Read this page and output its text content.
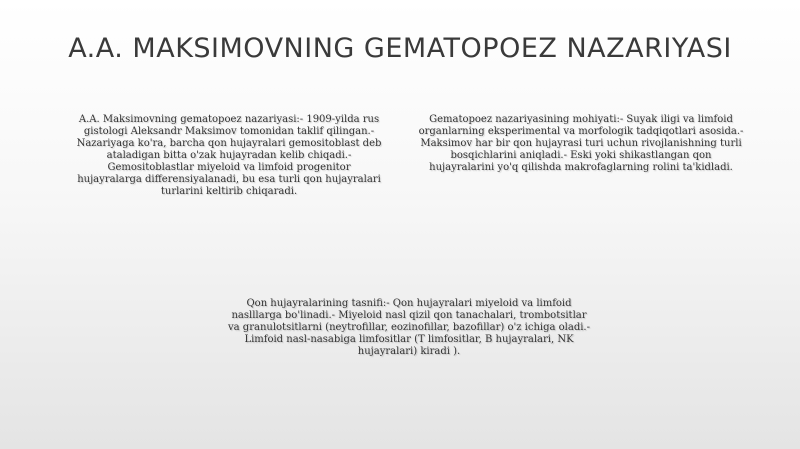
A.A. MAKSIMOVNING GEMATOPOEZ NAZARIYASI
A.A. Maksimovning gematopoez nazariyasi:- 1909-yilda rus gistologi Aleksandr Maksimov tomonidan taklif qilingan.- Nazariyaga ko'ra, barcha qon hujayralari gemositoblast deb ataladigan bitta o'zak hujayradan kelib chiqadi.- Gemositoblastlar miyeloid va limfoid progenitor hujayralarga differensiyalanadi, bu esa turli qon hujayralari turlarini keltirib chiqaradi.
Gematopoez nazariyasining mohiyati:- Suyak iligi va limfoid organlarning eksperimental va morfologik tadqiqotlari asosida.- Maksimov har bir qon hujayrasi turi uchun rivojlanishning turli bosqichlarini aniqladi.- Eski yoki shikastlangan qon hujayralarini yo'q qilishda makrofaglarning rolini ta'kidladi.
Qon hujayralarining tasnifi:- Qon hujayralari miyeloid va limfoid naslllarga bo'linadi.- Miyeloid nasl qizil qon tanachalari, trombotsitlar va granulotsitlarni (neytrofillar, eozinofillar, bazofillar) o'z ichiga oladi.- Limfoid nasl-nasabiga limfositlar (T limfositlar, B hujayralari, NK hujayralari) kiradi ).
